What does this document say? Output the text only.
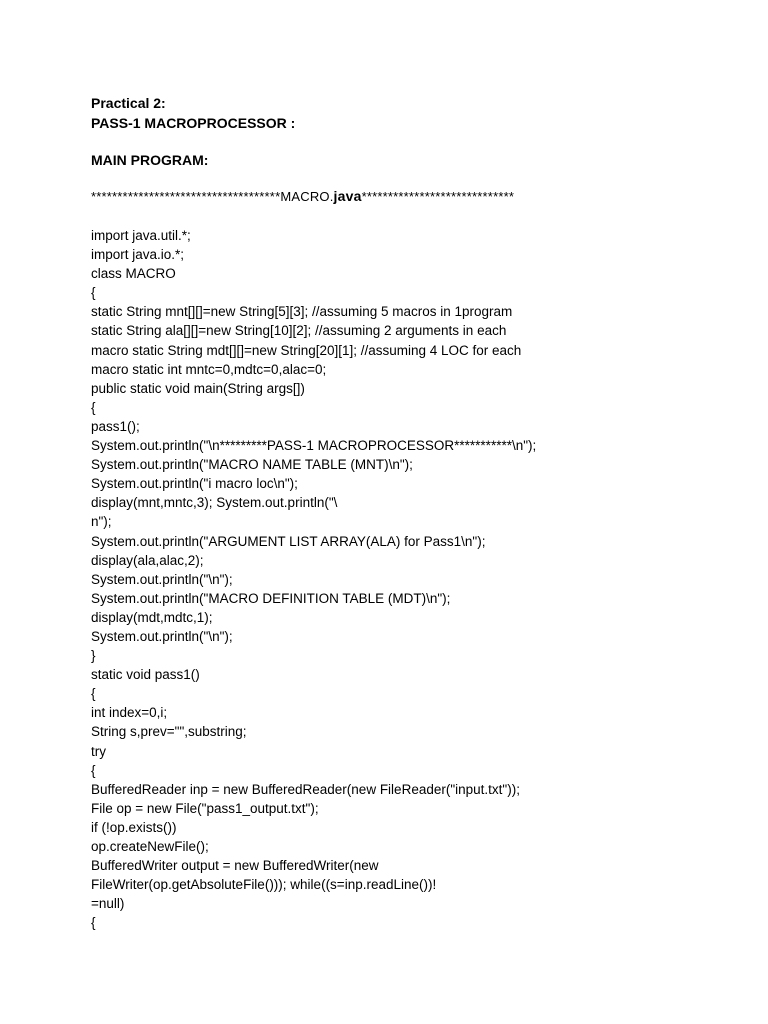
Practical 2:
PASS-1 MACROPROCESSOR :
MAIN PROGRAM:
************************************MACRO.java*****************************
import java.util.*;
import java.io.*;
class MACRO
{
static String mnt[][]=new String[5][3]; //assuming 5 macros in 1program
static String ala[][]=new String[10][2]; //assuming 2 arguments in each
macro static String mdt[][]=new String[20][1]; //assuming 4 LOC for each
macro static int mntc=0,mdtc=0,alac=0;
public static void main(String args[])
{
pass1();
System.out.println("\n*********PASS-1 MACROPROCESSOR***********\n");
System.out.println("MACRO NAME TABLE (MNT)\n");
System.out.println("i macro loc\n");
display(mnt,mntc,3); System.out.println("\
n");
System.out.println("ARGUMENT LIST ARRAY(ALA) for Pass1\n");
display(ala,alac,2);
System.out.println("\n");
System.out.println("MACRO DEFINITION TABLE (MDT)\n");
display(mdt,mdtc,1);
System.out.println("\n");
}
static void pass1()
{
int index=0,i;
String s,prev="",substring;
try
{
BufferedReader inp = new BufferedReader(new FileReader("input.txt"));
File op = new File("pass1_output.txt");
if (!op.exists())
op.createNewFile();
BufferedWriter output = new BufferedWriter(new
FileWriter(op.getAbsoluteFile())); while((s=inp.readLine())!
=null)
{
